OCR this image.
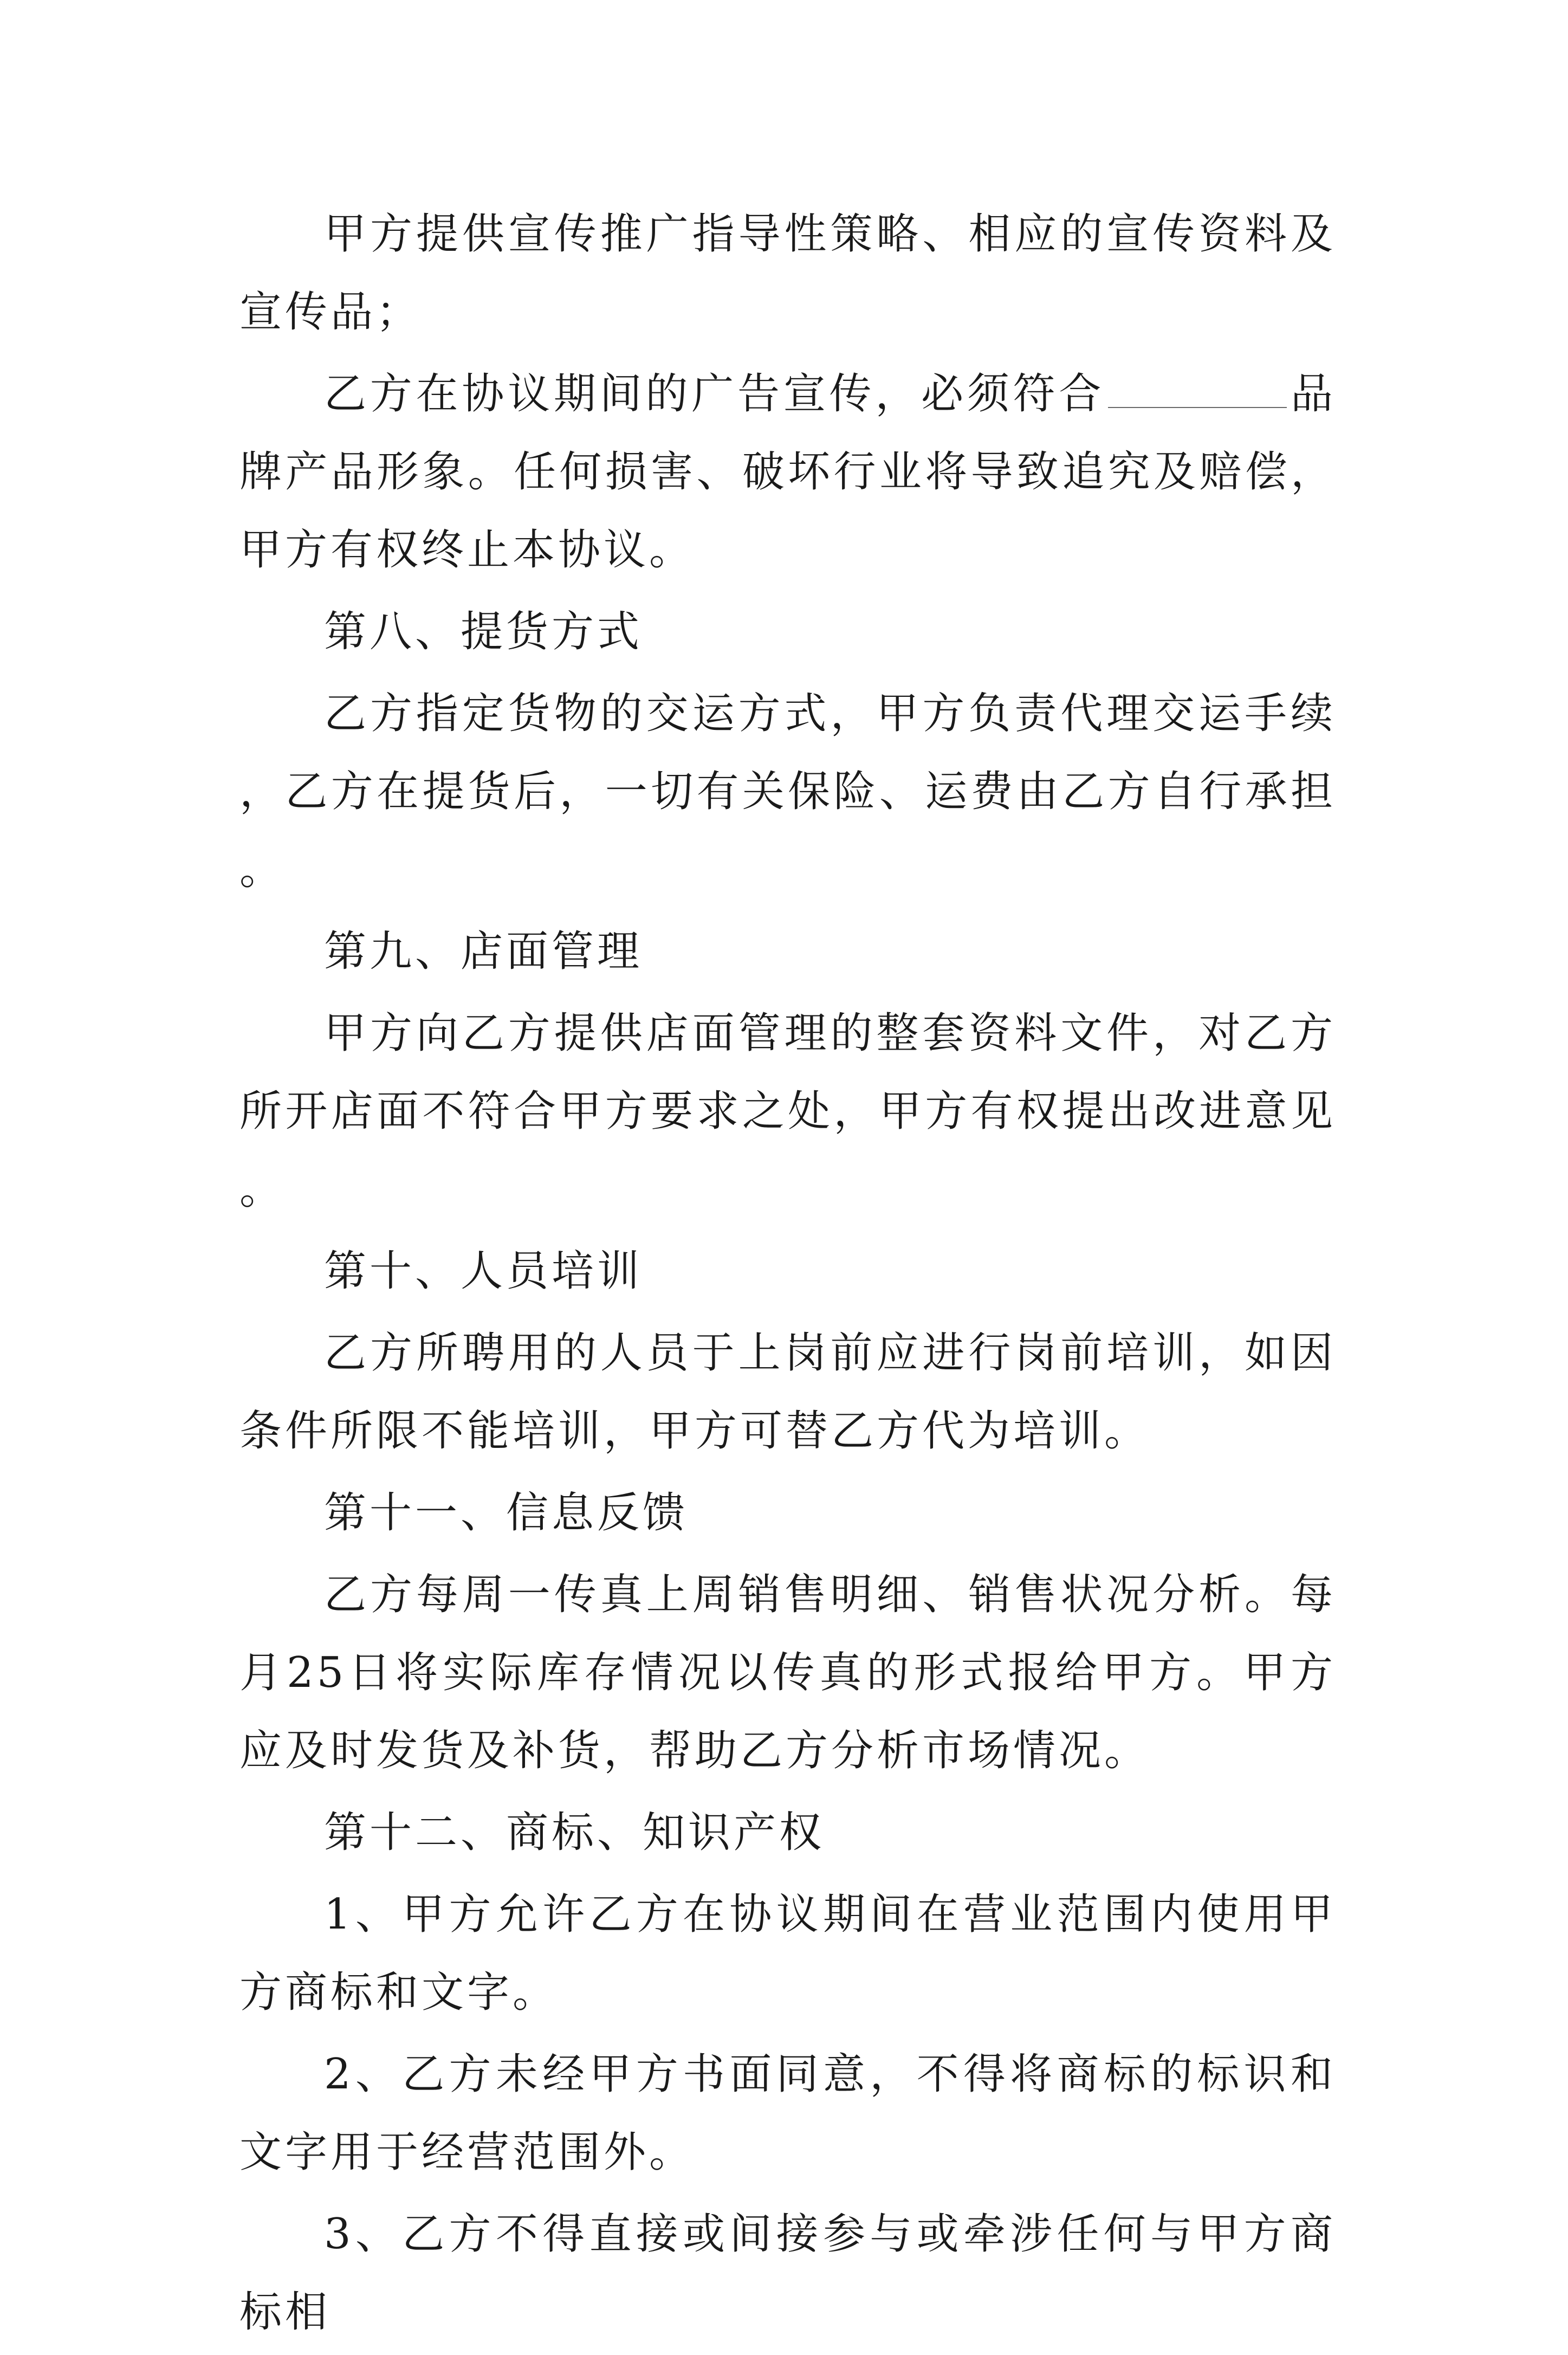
甲方提供宣传推广指导性策略、相应的宣传资料及宣传品；

乙方在协议期间的广告宣传，必须符合	品牌产品形象。任何损害、破坏行业将导致追究及赔偿，甲方有权终止本协议。

第八、提货方式

乙方指定货物的交运方式，甲方负责代理交运手续，乙方在提货后，一切有关保险、运费由乙方自行承担。

第九、店面管理

甲方向乙方提供店面管理的整套资料文件，对乙方所开店面不符合甲方要求之处，甲方有权提出改进意见。

第十、人员培训

乙方所聘用的人员于上岗前应进行岗前培训，如因条件所限不能培训，甲方可替乙方代为培训。

第十一、信息反馈

乙方每周一传真上周销售明细、销售状况分析。每月25日将实际库存情况以传真的形式报给甲方。甲方应及时发货及补货，帮助乙方分析市场情况。

第十二、商标、知识产权

1、甲方允许乙方在协议期间在营业范围内使用甲方商标和文字。

2、乙方未经甲方书面同意，不得将商标的标识和文字用于经营范围外。

3、乙方不得直接或间接参与或牵涉任何与甲方商标相
